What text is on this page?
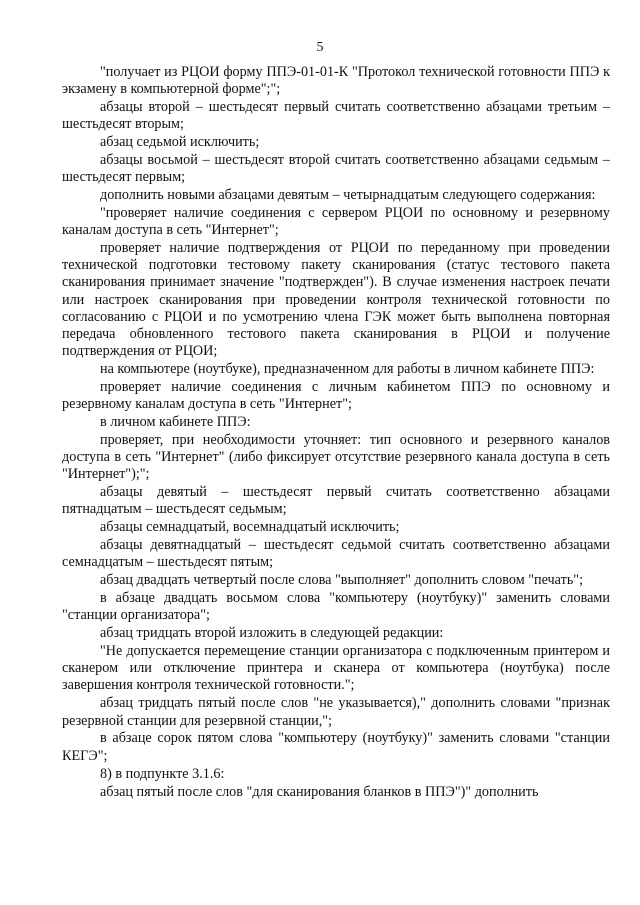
5

"получает из РЦОИ форму ППЭ-01-01-К "Протокол технической готовности ППЭ к экзамену в компьютерной форме";";

абзацы второй – шестьдесят первый считать соответственно абзацами третьим – шестьдесят вторым;

абзац седьмой исключить;

абзацы восьмой – шестьдесят второй считать соответственно абзацами седьмым – шестьдесят первым;

дополнить новыми абзацами девятым – четырнадцатым следующего содержания:

"проверяет наличие соединения с сервером РЦОИ по основному и резервному каналам доступа в сеть "Интернет";

проверяет наличие подтверждения от РЦОИ по переданному при проведении технической подготовки тестовому пакету сканирования (статус тестового пакета сканирования принимает значение "подтвержден"). В случае изменения настроек печати или настроек сканирования при проведении контроля технической готовности по согласованию с РЦОИ и по усмотрению члена ГЭК может быть выполнена повторная передача обновленного тестового пакета сканирования в РЦОИ и получение подтверждения от РЦОИ;

на компьютере (ноутбуке), предназначенном для работы в личном кабинете ППЭ:

проверяет наличие соединения с личным кабинетом ППЭ по основному и резервному каналам доступа в сеть "Интернет";

в личном кабинете ППЭ:

проверяет, при необходимости уточняет: тип основного и резервного каналов доступа в сеть "Интернет" (либо фиксирует отсутствие резервного канала доступа в сеть "Интернет");";

абзацы девятый – шестьдесят первый считать соответственно абзацами пятнадцатым – шестьдесят седьмым;

абзацы семнадцатый, восемнадцатый исключить;

абзацы девятнадцатый – шестьдесят седьмой считать соответственно абзацами семнадцатым – шестьдесят пятым;

абзац двадцать четвертый после слова "выполняет" дополнить словом "печать";

в абзаце двадцать восьмом слова "компьютеру (ноутбуку)" заменить словами "станции организатора";

абзац тридцать второй изложить в следующей редакции:

"Не допускается перемещение станции организатора с подключенным принтером и сканером или отключение принтера и сканера от компьютера (ноутбука) после завершения контроля технической готовности.";

абзац тридцать пятый после слов "не указывается)," дополнить словами "признак резервной станции для резервной станции,";

в абзаце сорок пятом слова "компьютеру (ноутбуку)" заменить словами "станции КЕГЭ";

8) в подпункте 3.1.6:

абзац пятый после слов "для сканирования бланков в ППЭ")" дополнить
